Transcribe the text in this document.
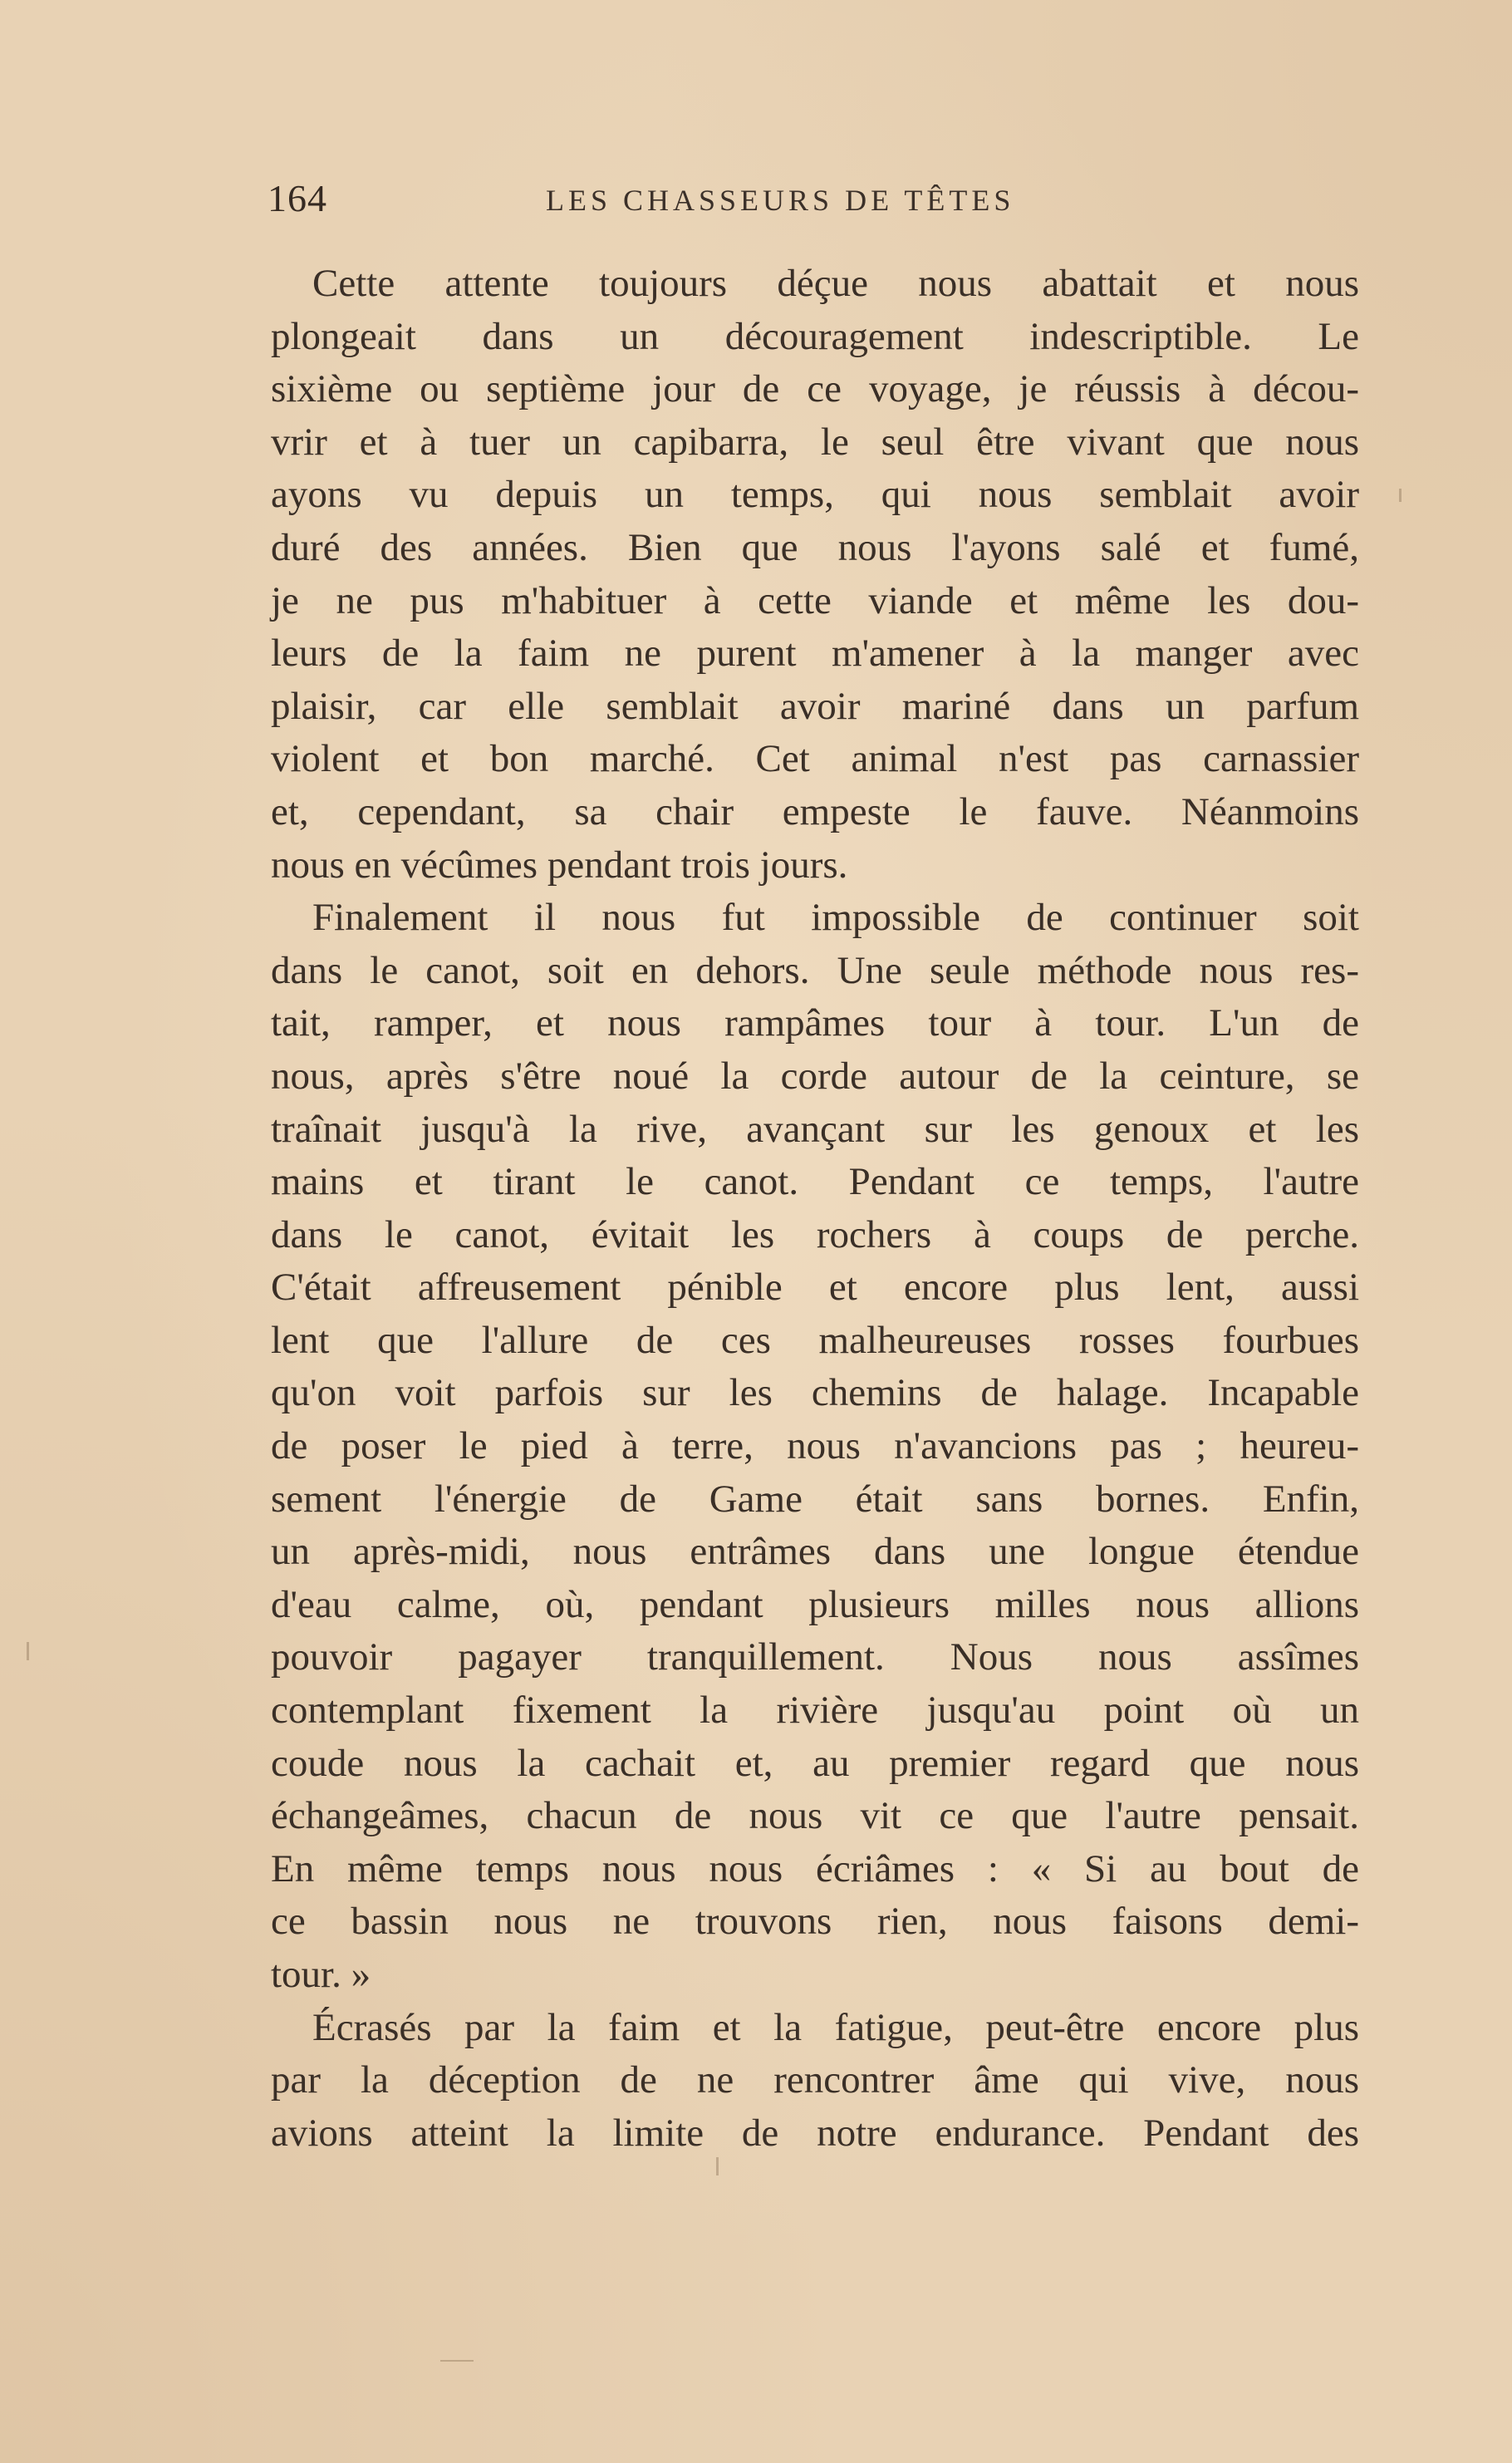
164	LES CHASSEURS DE TÊTES
Cette attente toujours déçue nous abattait et nous
plongeait dans un découragement indescriptible. Le
sixième ou septième jour de ce voyage, je réussis à décou-
vrir et à tuer un capibarra, le seul être vivant que nous
ayons vu depuis un temps, qui nous semblait avoir
duré des années. Bien que nous l'ayons salé et fumé,
je ne pus m'habituer à cette viande et même les dou-
leurs de la faim ne purent m'amener à la manger avec
plaisir, car elle semblait avoir mariné dans un parfum
violent et bon marché. Cet animal n'est pas carnassier
et, cependant, sa chair empeste le fauve. Néanmoins
nous en vécûmes pendant trois jours.
Finalement il nous fut impossible de continuer soit
dans le canot, soit en dehors. Une seule méthode nous res-
tait, ramper, et nous rampâmes tour à tour. L'un de
nous, après s'être noué la corde autour de la ceinture, se
traînait jusqu'à la rive, avançant sur les genoux et les
mains et tirant le canot. Pendant ce temps, l'autre
dans le canot, évitait les rochers à coups de perche.
C'était affreusement pénible et encore plus lent, aussi
lent que l'allure de ces malheureuses rosses fourbues
qu'on voit parfois sur les chemins de halage. Incapable
de poser le pied à terre, nous n'avancions pas ; heureu-
sement l'énergie de Game était sans bornes. Enfin,
un après-midi, nous entrâmes dans une longue étendue
d'eau calme, où, pendant plusieurs milles nous allions
pouvoir pagayer tranquillement. Nous nous assîmes
contemplant fixement la rivière jusqu'au point où un
coude nous la cachait et, au premier regard que nous
échangeâmes, chacun de nous vit ce que l'autre pensait.
En même temps nous nous écriâmes : « Si au bout de
ce bassin nous ne trouvons rien, nous faisons demi-
tour. »
Écrasés par la faim et la fatigue, peut-être encore plus
par la déception de ne rencontrer âme qui vive, nous
avions atteint la limite de notre endurance. Pendant des
